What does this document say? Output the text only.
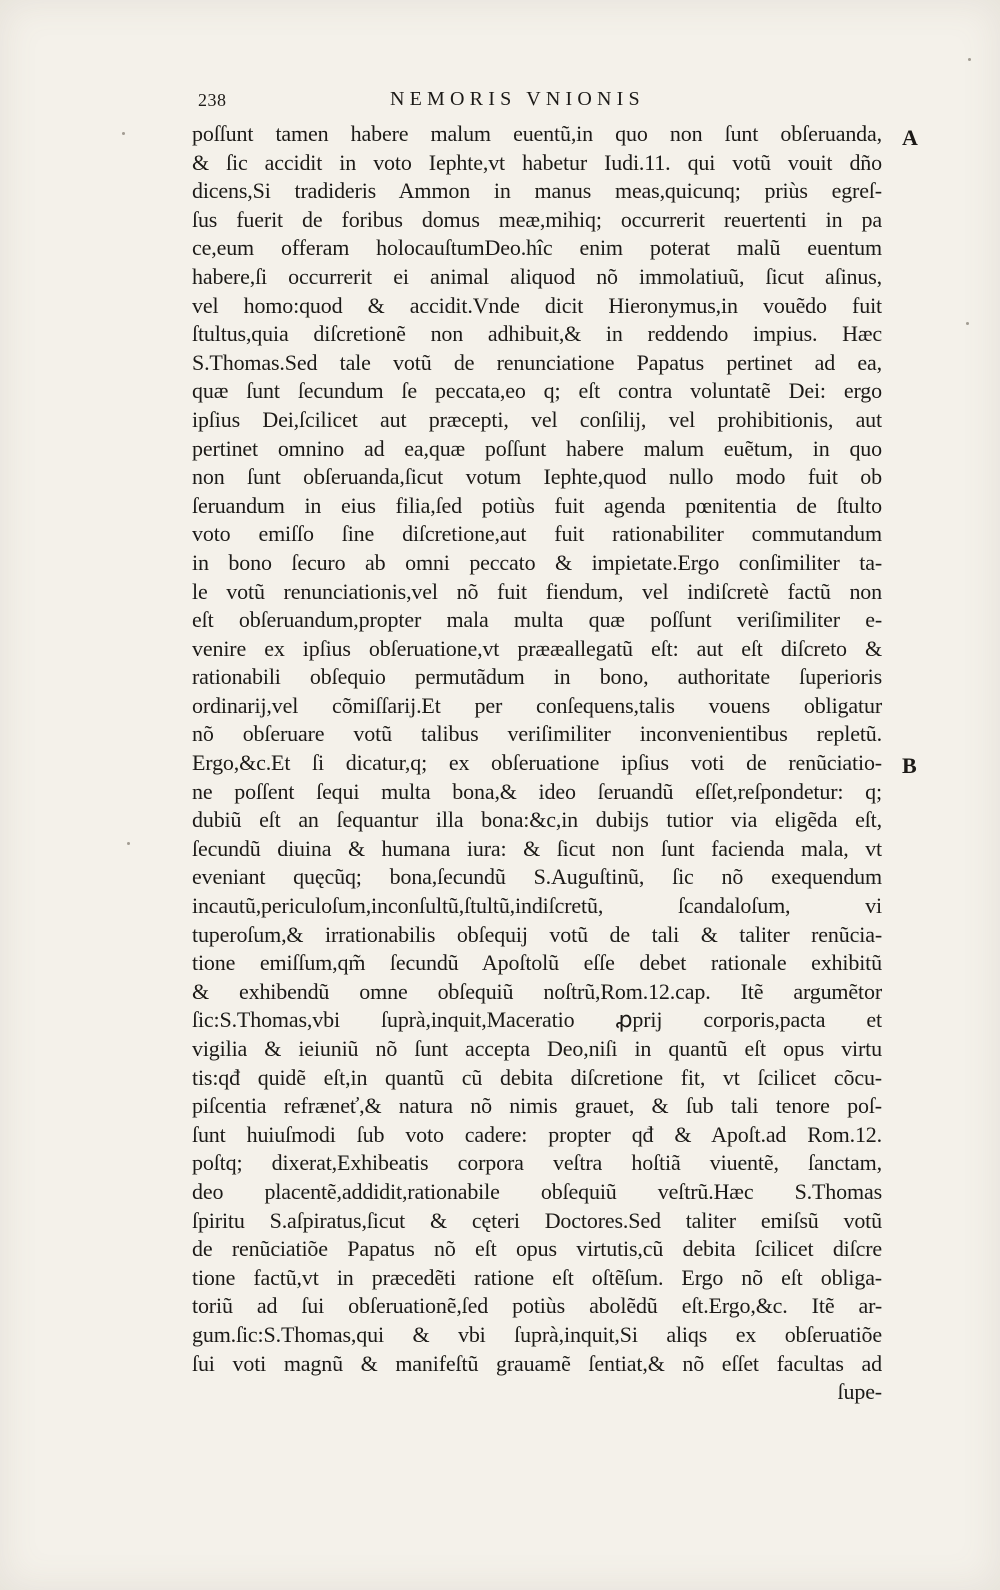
238	NEMORIS VNIONIS
A
B
poſſunt tamen habere malum euentũ,in quo non ſunt obſeruanda,
& ſic accidit in voto Iephte,vt habetur Iudi.11. qui votũ vouit dño
dicens,Si tradideris Ammon in manus meas,quicunq; priùs egreſ-
ſus fuerit de foribus domus meæ,mihiq; occurrerit reuertenti in pa
ce,eum offeram holocauſtumDeo.hîc enim poterat malũ euentum
habere,ſi occurrerit ei animal aliquod nõ immolatiuũ, ſicut aſinus,
vel homo:quod & accidit.Vnde dicit Hieronymus,in vouẽdo fuit
ſtultus,quia diſcretionẽ non adhibuit,& in reddendo impius. Hæc
S.Thomas.Sed tale votũ de renunciatione Papatus pertinet ad ea,
quæ ſunt ſecundum ſe peccata,eo q; eſt contra voluntatẽ Dei: ergo
ipſius Dei,ſcilicet aut præcepti, vel conſilij, vel prohibitionis, aut
pertinet omnino ad ea,quæ poſſunt habere malum euẽtum, in quo
non ſunt obſeruanda,ſicut votum Iephte,quod nullo modo fuit ob
ſeruandum in eius filia,ſed potiùs fuit agenda pœnitentia de ſtulto
voto emiſſo ſine diſcretione,aut fuit rationabiliter commutandum
in bono ſecuro ab omni peccato & impietate.Ergo conſimiliter ta-
le votũ renunciationis,vel nõ fuit fiendum, vel indiſcretè factũ non
eſt obſeruandum,propter mala multa quæ poſſunt veriſimiliter e-
venire ex ipſius obſeruatione,vt prææallegatũ eſt: aut eſt diſcreto &
rationabili obſequio permutãdum in bono, authoritate ſuperioris
ordinarij,vel cõmiſſarij.Et per conſequens,talis vouens obligatur
nõ obſeruare votũ talibus veriſimiliter inconvenientibus repletũ.
Ergo,&c.Et ſi dicatur,q; ex obſeruatione ipſius voti de renũciatio-
ne poſſent ſequi multa bona,& ideo ſeruandũ eſſet,reſpondetur: q;
dubiũ eſt an ſequantur illa bona:&c,in dubijs tutior via eligẽda eſt,
ſecundũ diuina & humana iura: & ſicut non ſunt facienda mala, vt
eveniant quęcũq; bona,ſecundũ S.Auguſtinũ, ſic nõ exequendum
incautũ,periculoſum,inconſultũ,ſtultũ,indiſcretũ, ſcandaloſum, vi
tuperoſum,& irrationabilis obſequij votũ de tali & taliter renũcia-
tione emiſſum,qm̃ ſecundũ Apoſtolũ eſſe debet rationale exhibitũ
& exhibendũ omne obſequiũ noſtrũ,Rom.12.cap. Itẽ argumẽtor
ſic:S.Thomas,vbi ſuprà,inquit,Maceratio ꝓprij corporis,pacta et
vigilia & ieiuniũ nõ ſunt accepta Deo,niſi in quantũ eſt opus virtu
tis:qđ quidẽ eſt,in quantũ cũ debita diſcretione fit, vt ſcilicet cõcu-
piſcentia refræneť,& natura nõ nimis grauet, & ſub tali tenore poſ-
ſunt huiuſmodi ſub voto cadere: propter qđ & Apoſt.ad Rom.12.
poſtq; dixerat,Exhibeatis corpora veſtra hoſtiã viuentẽ, ſanctam,
deo placentẽ,addidit,rationabile obſequiũ veſtrũ.Hæc S.Thomas
ſpiritu S.aſpiratus,ſicut & cęteri Doctores.Sed taliter emiſsũ votũ
de renũciatiõe Papatus nõ eſt opus virtutis,cũ debita ſcilicet diſcre
tione factũ,vt in præcedẽti ratione eſt oſtẽſum. Ergo nõ eſt obliga-
toriũ ad ſui obſeruationẽ,ſed potiùs abolẽdũ eſt.Ergo,&c. Itẽ ar-
gum.ſic:S.Thomas,qui & vbi ſuprà,inquit,Si aliqs ex obſeruatiõe
ſui voti magnũ & manifeſtũ grauamẽ ſentiat,& nõ eſſet facultas ad
ſupe-
